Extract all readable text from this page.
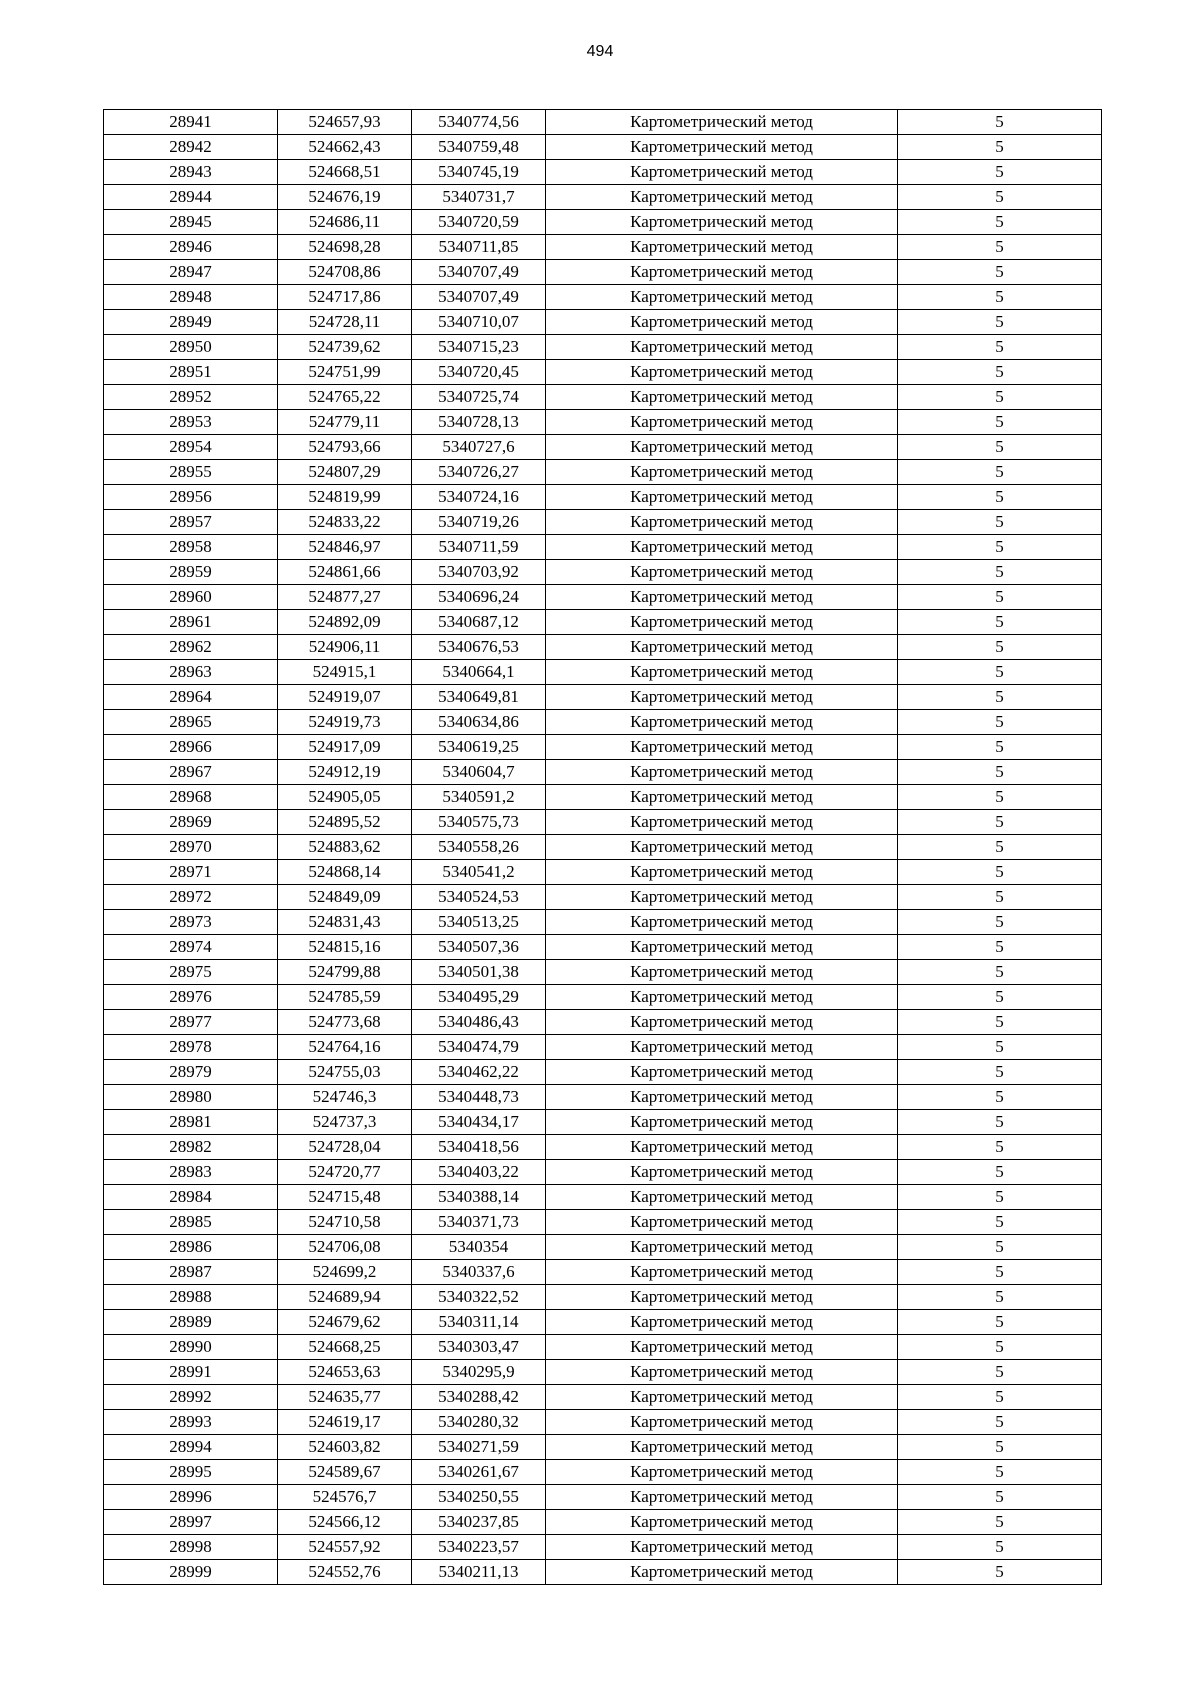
494
28941	524657,93	5340774,56	Картометрический метод	5
28942	524662,43	5340759,48	Картометрический метод	5
28943	524668,51	5340745,19	Картометрический метод	5
28944	524676,19	5340731,7	Картометрический метод	5
28945	524686,11	5340720,59	Картометрический метод	5
28946	524698,28	5340711,85	Картометрический метод	5
28947	524708,86	5340707,49	Картометрический метод	5
28948	524717,86	5340707,49	Картометрический метод	5
28949	524728,11	5340710,07	Картометрический метод	5
28950	524739,62	5340715,23	Картометрический метод	5
28951	524751,99	5340720,45	Картометрический метод	5
28952	524765,22	5340725,74	Картометрический метод	5
28953	524779,11	5340728,13	Картометрический метод	5
28954	524793,66	5340727,6	Картометрический метод	5
28955	524807,29	5340726,27	Картометрический метод	5
28956	524819,99	5340724,16	Картометрический метод	5
28957	524833,22	5340719,26	Картометрический метод	5
28958	524846,97	5340711,59	Картометрический метод	5
28959	524861,66	5340703,92	Картометрический метод	5
28960	524877,27	5340696,24	Картометрический метод	5
28961	524892,09	5340687,12	Картометрический метод	5
28962	524906,11	5340676,53	Картометрический метод	5
28963	524915,1	5340664,1	Картометрический метод	5
28964	524919,07	5340649,81	Картометрический метод	5
28965	524919,73	5340634,86	Картометрический метод	5
28966	524917,09	5340619,25	Картометрический метод	5
28967	524912,19	5340604,7	Картометрический метод	5
28968	524905,05	5340591,2	Картометрический метод	5
28969	524895,52	5340575,73	Картометрический метод	5
28970	524883,62	5340558,26	Картометрический метод	5
28971	524868,14	5340541,2	Картометрический метод	5
28972	524849,09	5340524,53	Картометрический метод	5
28973	524831,43	5340513,25	Картометрический метод	5
28974	524815,16	5340507,36	Картометрический метод	5
28975	524799,88	5340501,38	Картометрический метод	5
28976	524785,59	5340495,29	Картометрический метод	5
28977	524773,68	5340486,43	Картометрический метод	5
28978	524764,16	5340474,79	Картометрический метод	5
28979	524755,03	5340462,22	Картометрический метод	5
28980	524746,3	5340448,73	Картометрический метод	5
28981	524737,3	5340434,17	Картометрический метод	5
28982	524728,04	5340418,56	Картометрический метод	5
28983	524720,77	5340403,22	Картометрический метод	5
28984	524715,48	5340388,14	Картометрический метод	5
28985	524710,58	5340371,73	Картометрический метод	5
28986	524706,08	5340354	Картометрический метод	5
28987	524699,2	5340337,6	Картометрический метод	5
28988	524689,94	5340322,52	Картометрический метод	5
28989	524679,62	5340311,14	Картометрический метод	5
28990	524668,25	5340303,47	Картометрический метод	5
28991	524653,63	5340295,9	Картометрический метод	5
28992	524635,77	5340288,42	Картометрический метод	5
28993	524619,17	5340280,32	Картометрический метод	5
28994	524603,82	5340271,59	Картометрический метод	5
28995	524589,67	5340261,67	Картометрический метод	5
28996	524576,7	5340250,55	Картометрический метод	5
28997	524566,12	5340237,85	Картометрический метод	5
28998	524557,92	5340223,57	Картометрический метод	5
28999	524552,76	5340211,13	Картометрический метод	5
